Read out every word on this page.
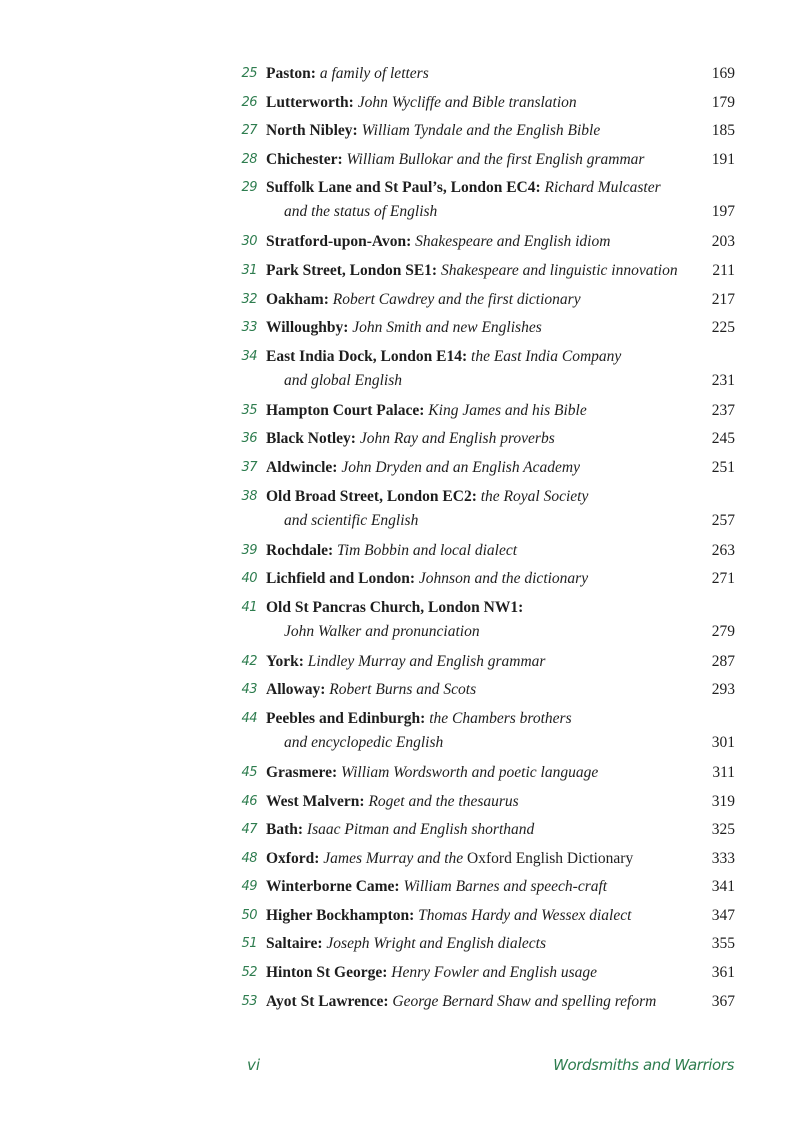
25 Paston: a family of letters	169
26 Lutterworth: John Wycliffe and Bible translation	179
27 North Nibley: William Tyndale and the English Bible	185
28 Chichester: William Bullokar and the first English grammar	191
29 Suffolk Lane and St Paul’s, London EC4: Richard Mulcaster
and the status of English	197
30 Stratford-upon-Avon: Shakespeare and English idiom	203
31 Park Street, London SE1: Shakespeare and linguistic innovation	211
32 Oakham: Robert Cawdrey and the first dictionary	217
33 Willoughby: John Smith and new Englishes	225
34 East India Dock, London E14: the East India Company
and global English	231
35 Hampton Court Palace: King James and his Bible	237
36 Black Notley: John Ray and English proverbs	245
37 Aldwincle: John Dryden and an English Academy	251
38 Old Broad Street, London EC2: the Royal Society
and scientific English	257
39 Rochdale: Tim Bobbin and local dialect	263
40 Lichfield and London: Johnson and the dictionary	271
41 Old St Pancras Church, London NW1:
John Walker and pronunciation	279
42 York: Lindley Murray and English grammar	287
43 Alloway: Robert Burns and Scots	293
44 Peebles and Edinburgh: the Chambers brothers
and encyclopedic English	301
45 Grasmere: William Wordsworth and poetic language	311
46 West Malvern: Roget and the thesaurus	319
47 Bath: Isaac Pitman and English shorthand	325
48 Oxford: James Murray and the Oxford English Dictionary	333
49 Winterborne Came: William Barnes and speech-craft	341
50 Higher Bockhampton: Thomas Hardy and Wessex dialect	347
51 Saltaire: Joseph Wright and English dialects	355
52 Hinton St George: Henry Fowler and English usage	361
53 Ayot St Lawrence: George Bernard Shaw and spelling reform	367
vi	Wordsmiths and Warriors
